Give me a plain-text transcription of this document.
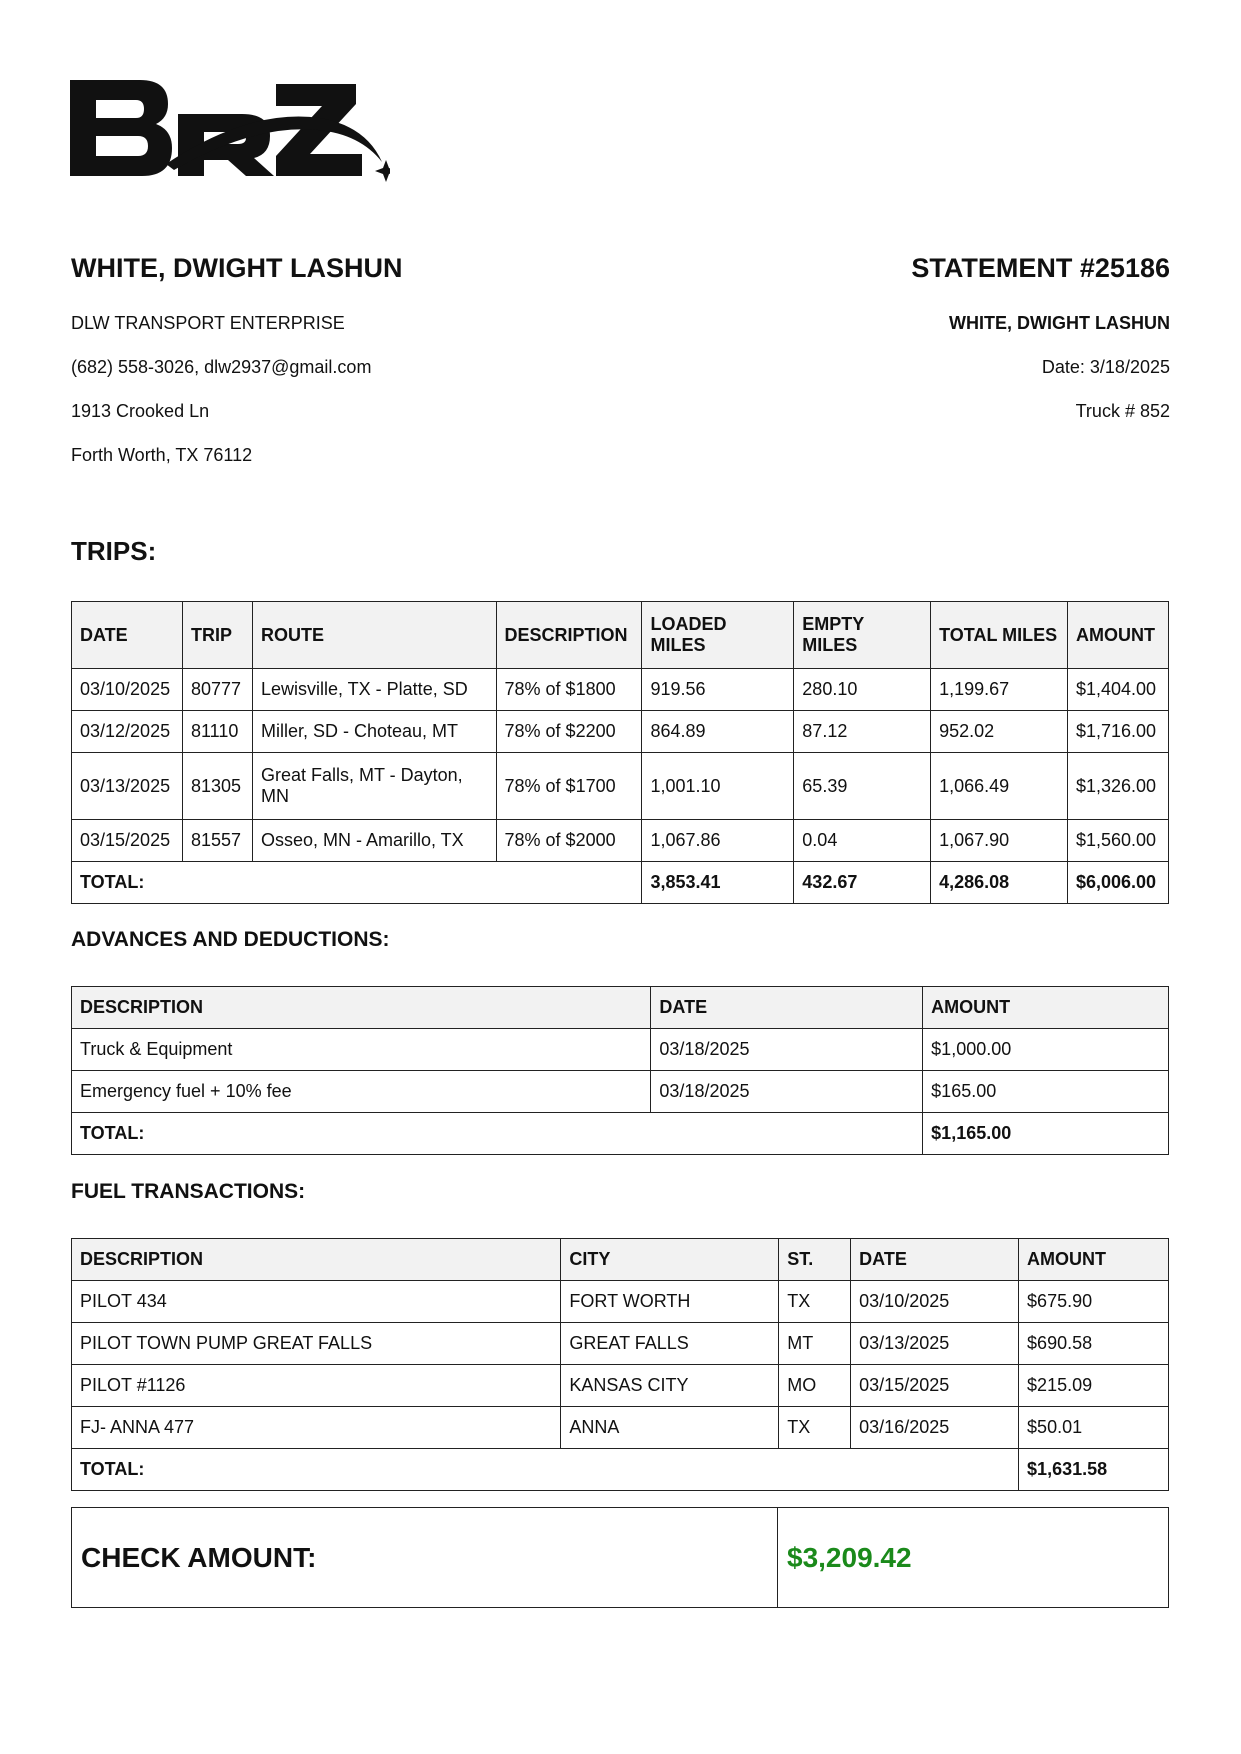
WHITE, DWIGHT LASHUN

DLW TRANSPORT ENTERPRISE
(682) 558-3026, dlw2937@gmail.com
1913 Crooked Ln
Forth Worth, TX 76112

STATEMENT #25186

WHITE, DWIGHT LASHUN
Date: 3/18/2025
Truck # 852
TRIPS:
DATE	TRIP	ROUTE	DESCRIPTION	LOADED MILES	EMPTY MILES	TOTAL MILES	AMOUNT
03/10/2025	80777	Lewisville, TX - Platte, SD	78% of $1800	919.56	280.10	1,199.67	$1,404.00
03/12/2025	81110	Miller, SD - Choteau, MT	78% of $2200	864.89	87.12	952.02	$1,716.00
03/13/2025	81305	Great Falls, MT - Dayton, MN	78% of $1700	1,001.10	65.39	1,066.49	$1,326.00
03/15/2025	81557	Osseo, MN - Amarillo, TX	78% of $2000	1,067.86	0.04	1,067.90	$1,560.00
TOTAL:				3,853.41	432.67	4,286.08	$6,006.00
ADVANCES AND DEDUCTIONS:
DESCRIPTION	DATE	AMOUNT
Truck & Equipment	03/18/2025	$1,000.00
Emergency fuel + 10% fee	03/18/2025	$165.00
TOTAL:		$1,165.00
FUEL TRANSACTIONS:
DESCRIPTION	CITY	ST.	DATE	AMOUNT
PILOT 434	FORT WORTH	TX	03/10/2025	$675.90
PILOT TOWN PUMP GREAT FALLS	GREAT FALLS	MT	03/13/2025	$690.58
PILOT #1126	KANSAS CITY	MO	03/15/2025	$215.09
FJ- ANNA 477	ANNA	TX	03/16/2025	$50.01
TOTAL:				$1,631.58
CHECK AMOUNT:	$3,209.42
